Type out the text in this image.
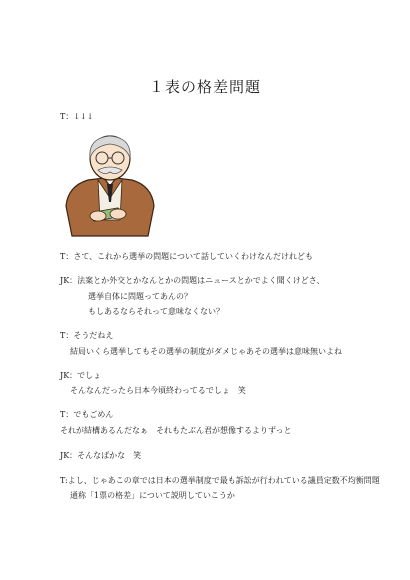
１表の格差問題
T：↓↓↓
T：さて、これから選挙の問題について話していくわけなんだけれども
JK：法案とか外交とかなんとかの問題はニュースとかでよく聞くけどさ、
選挙自体に問題ってあんの？
もしあるならそれって意味なくない？
T：そうだねえ
結局いくら選挙してもその選挙の制度がダメじゃあその選挙は意味無いよね
JK：でしょ
そんなんだったら日本今頃終わってるでしょ　笑
T：でもごめん
それが結構あるんだなぁ　それもたぶん君が想像するよりずっと
JK：そんなばかな　笑
T:よし、じゃあこの章では日本の選挙制度で最も訴訟が行われている議員定数不均衡問題
通称「1票の格差」について説明していこうか
